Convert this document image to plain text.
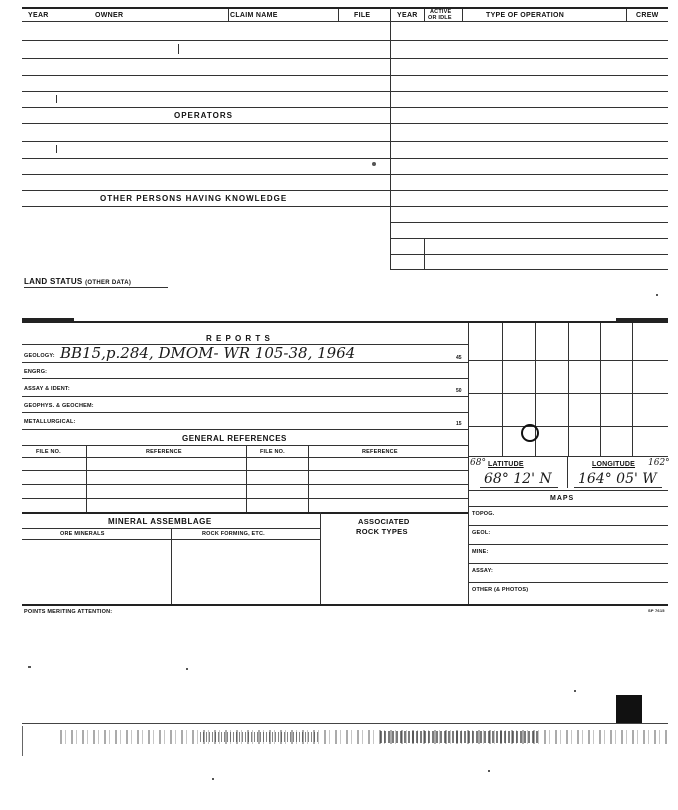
YEAR	OWNER	CLAIM NAME	FILE	YEAR ACTIVE
OR IDLE	TYPE OF OPERATION	CREW
OPERATORS
OTHER PERSONS HAVING KNOWLEDGE
LAND STATUS (OTHER DATA)
R E P O R T S
GEOLOGY: BB15,p.284, DMOM- WR 105-38, 1964	45
ENGRG:
ASSAY & IDENT:	50
GEOPHYS. & GEOCHEM:
METALLURGICAL:	15
GENERAL REFERENCES
FILE NO.	REFERENCE	FILE NO.	REFERENCE
68° LATITUDE	LONGITUDE 162°
68° 12' N 164° 05' W
MAPS
TOPOG.
GEOL:
MINE:
ASSAY:
OTHER (& PHOTOS)
MINERAL ASSEMBLAGE
ORE MINERALS	ROCK FORMING, ETC.
ASSOCIATED
ROCK TYPES
POINTS MERITING ATTENTION:	SP 7615
